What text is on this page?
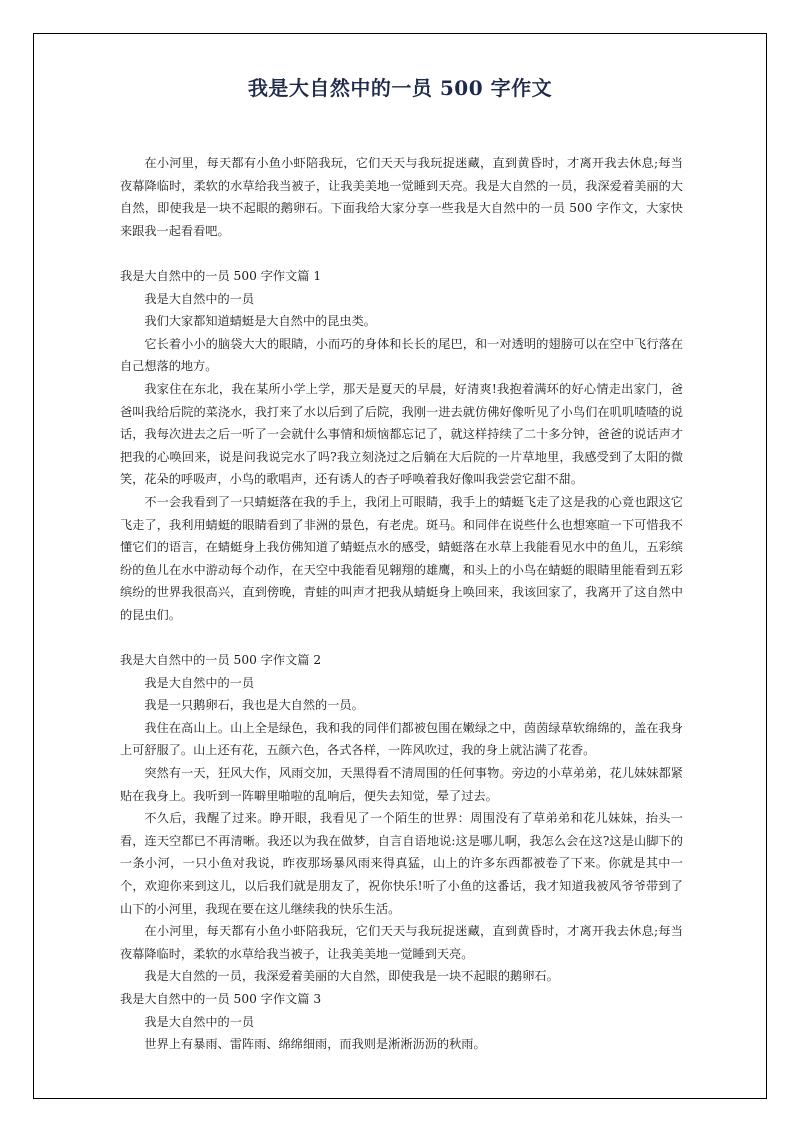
我是大自然中的一员 500 字作文

在小河里，每天都有小鱼小虾陪我玩，它们天天与我玩捉迷藏，直到黄昏时，才离开我去休息;每当夜幕降临时，柔软的水草给我当被子，让我美美地一觉睡到天亮。我是大自然的一员，我深爱着美丽的大自然，即使我是一块不起眼的鹅卵石。下面我给大家分享一些我是大自然中的一员 500 字作文，大家快来跟我一起看看吧。

我是大自然中的一员 500 字作文篇 1

我是大自然中的一员

我们大家都知道蜻蜓是大自然中的昆虫类。

它长着小小的脑袋大大的眼睛，小而巧的身体和长长的尾巴，和一对透明的翅膀可以在空中飞行落在自己想落的地方。

我家住在东北，我在某所小学上学，那天是夏天的早晨，好清爽!我抱着满环的好心情走出家门，爸爸叫我给后院的菜浇水，我打来了水以后到了后院，我刚一进去就仿佛好像听见了小鸟们在叽叽喳喳的说话，我每次进去之后一听了一会就什么事情和烦恼都忘记了，就这样持续了二十多分钟，爸爸的说话声才把我的心唤回来，说是问我说完水了吗?我立刻浇过之后躺在大后院的一片草地里，我感受到了太阳的微笑，花朵的呼吸声，小鸟的歌唱声，还有诱人的杏子呼唤着我好像叫我尝尝它甜不甜。

不一会我看到了一只蜻蜓落在我的手上，我闭上可眼睛，我手上的蜻蜓飞走了这是我的心竟也跟这它飞走了，我利用蜻蜓的眼睛看到了非洲的景色，有老虎。斑马。和同伴在说些什么也想寒暄一下可惜我不懂它们的语言，在蜻蜓身上我仿佛知道了蜻蜓点水的感受，蜻蜓落在水草上我能看见水中的鱼儿，五彩缤纷的鱼儿在水中游动每个动作，在天空中我能看见翱翔的雄鹰，和头上的小鸟在蜻蜓的眼睛里能看到五彩缤纷的世界我很高兴，直到傍晚，青蛙的叫声才把我从蜻蜓身上唤回来，我该回家了，我离开了这自然中的昆虫们。

我是大自然中的一员 500 字作文篇 2

我是大自然中的一员

我是一只鹅卵石，我也是大自然的一员。

我住在高山上。山上全是绿色，我和我的同伴们都被包围在嫩绿之中，茵茵绿草软绵绵的，盖在我身上可舒服了。山上还有花，五颜六色，各式各样，一阵风吹过，我的身上就沾满了花香。

突然有一天，狂风大作，风雨交加，天黑得看不清周围的任何事物。旁边的小草弟弟，花儿妹妹都紧贴在我身上。我听到一阵噼里啪啦的乱响后，便失去知觉，晕了过去。

不久后，我醒了过来。睁开眼，我看见了一个陌生的世界：周围没有了草弟弟和花儿妹妹，抬头一看，连天空都已不再清晰。我还以为我在做梦，自言自语地说:这是哪儿啊，我怎么会在这?这是山脚下的一条小河，一只小鱼对我说，昨夜那场暴风雨来得真猛，山上的许多东西都被卷了下来。你就是其中一个，欢迎你来到这儿，以后我们就是朋友了，祝你快乐!听了小鱼的这番话，我才知道我被风爷爷带到了山下的小河里，我现在要在这儿继续我的快乐生活。

在小河里，每天都有小鱼小虾陪我玩，它们天天与我玩捉迷藏，直到黄昏时，才离开我去休息;每当夜幕降临时，柔软的水草给我当被子，让我美美地一觉睡到天亮。

我是大自然的一员，我深爱着美丽的大自然，即使我是一块不起眼的鹅卵石。

我是大自然中的一员 500 字作文篇 3

我是大自然中的一员

世界上有暴雨、雷阵雨、绵绵细雨，而我则是淅淅沥沥的秋雨。
